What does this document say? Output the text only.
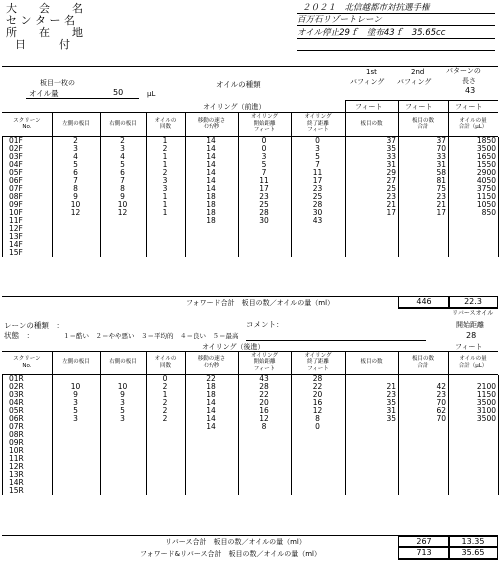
大　　会　　名
セ ン タ ー 名
所　　在　　地
日　　　付
２０２１　北信越都市対抗選手権
百万石リゾートレーン
オイル停止29ｆ　塗布43ｆ　35.65cc
板目一枚の
オイル量	50	μL
オイルの種類
1st	2nd
バフィング バフィング
パターンの
長さ
43
オイリング（前進）	フィート	フィート	フィート
スクリーン
No.
左側の板目	右側の板目
オイルの
回数
移動の速さ
ｲﾝﾁ/秒
オイリング
開始距離
フィート
オイリング
終了距離
フィート
板目の数
板目の数
合計
オイルの量
合計（μL）
01F	2	2	1	14	0	0	37	37	1850
02F	3	3	2	14	0	3	35	70	3500
03F	4	4	1	14	3	5	33	33	1650
04F	5	5	1	14	5	7	31	31	1550
05F	6	6	2	14	7	11	29	58	2900
06F	7	7	3	14	11	17	27	81	4050
07F	8	8	3	14	17	23	25	75	3750
08F	9	9	1	18	23	25	23	23	1150
09F	10	10	1	18	25	28	21	21	1050
10F	12	12	1	18	28	30	17	17	850
11F				18	30	43			
12F									
13F									
14F									
15F									
フォワード合計　板目の数／オイルの量（ml）	446	22.3
レーンの種類　：
状態　：	１＝酷い　２＝やや悪い　３＝平均的　４＝良い　５＝最高
コメント：
リバースオイル
開始距離
28
フィート
オイリング（後進）
スクリーン
No.
左側の板目	右側の板目
オイルの
回数
移動の速さ
ｲﾝﾁ/秒
オイリング
開始距離
フィート
オイリング
終了距離
フィート
板目の数
板目の数
合計
オイルの量
合計（μL）
01R			0	22	43	28			
02R	10	10	2	18	28	22	21	42	2100
03R	9	9	1	18	22	20	23	23	1150
04R	3	3	2	14	20	16	35	70	3500
05R	5	5	2	14	16	12	31	62	3100
06R	3	3	2	14	12	8	35	70	3500
07R				14	8	0			
08R									
09R									
10R									
11R									
12R									
13R									
14R									
15R									
リバース合計　板目の数／オイルの量（ml）	267	13.35
フォワード&リバース合計　板目の数／オイルの量（ml）	713	35.65
